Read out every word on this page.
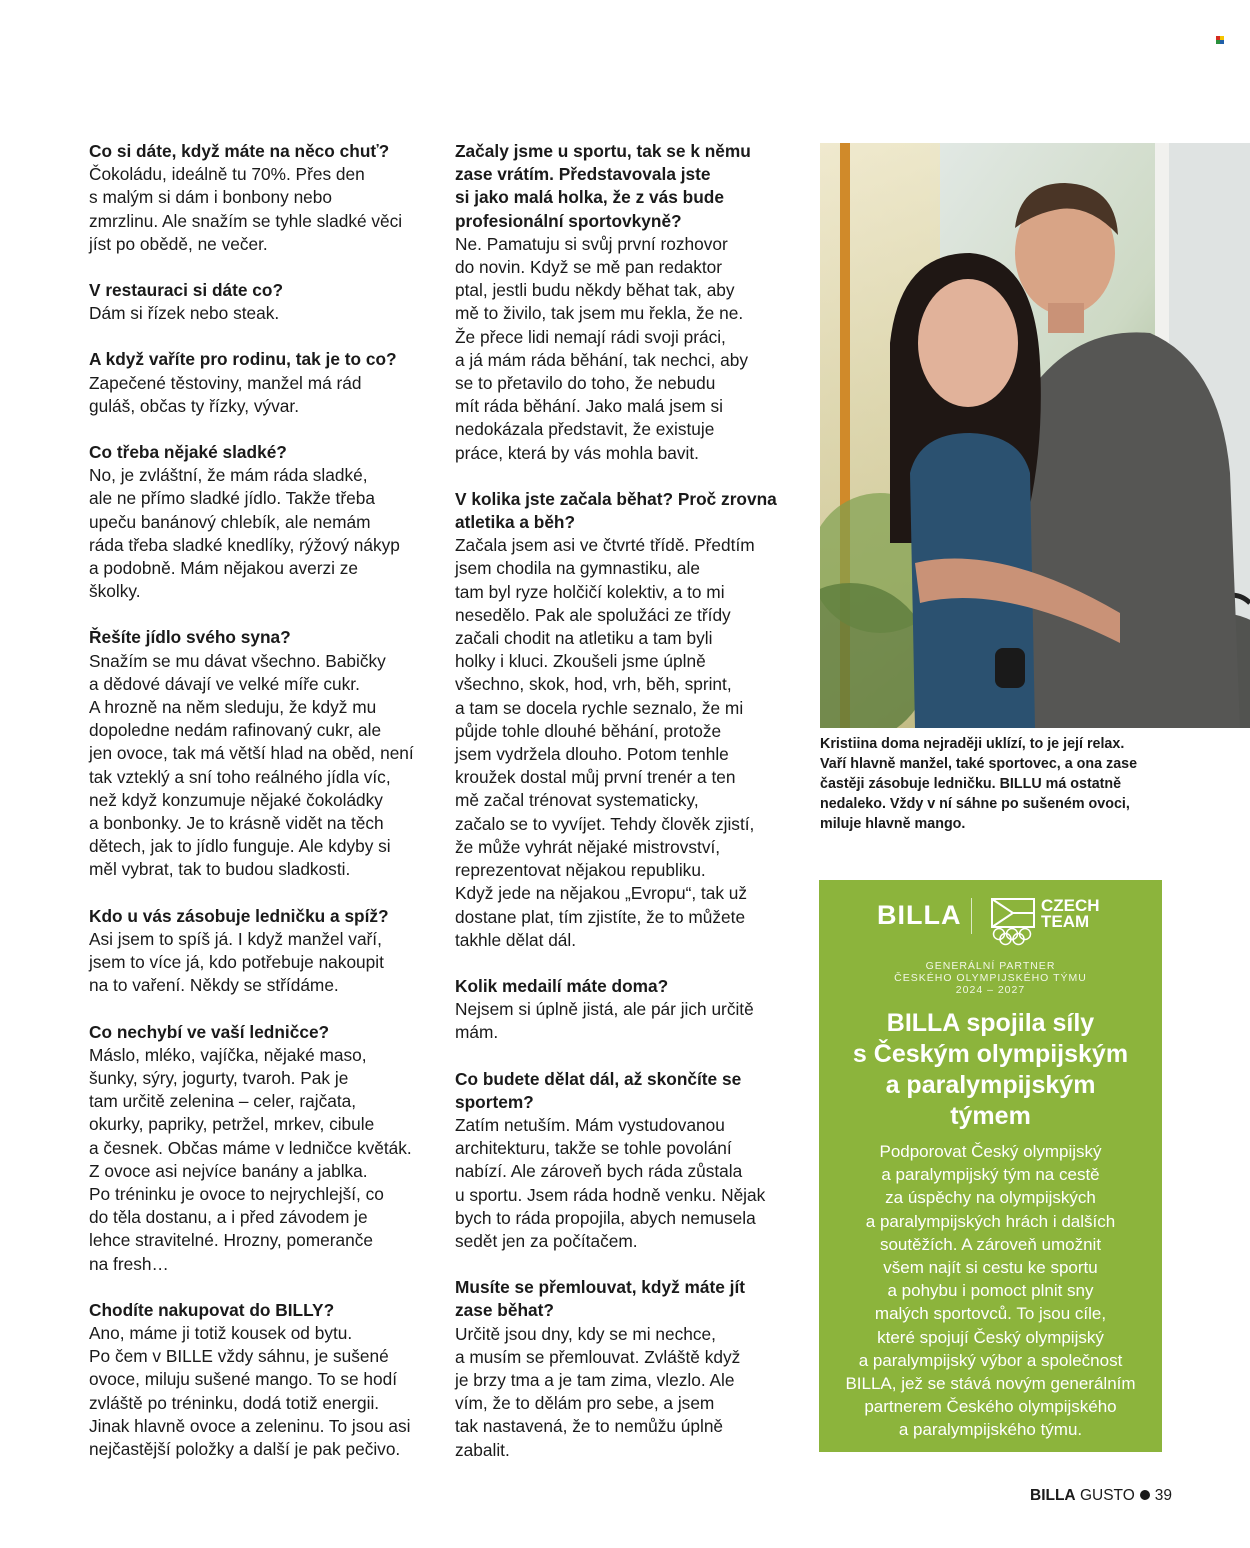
Co si dáte, když máte na něco chuť?
Čokoládu, ideálně tu 70%. Přes den
s malým si dám i bonbony nebo
zmrzlinu. Ale snažím se tyhle sladké věci
jíst po obědě, ne večer.
V restauraci si dáte co?
Dám si řízek nebo steak.
A když vaříte pro rodinu, tak je to co?
Zapečené těstoviny, manžel má rád
guláš, občas ty řízky, vývar.
Co třeba nějaké sladké?
No, je zvláštní, že mám ráda sladké,
ale ne přímo sladké jídlo. Takže třeba
upeču banánový chlebík, ale nemám
ráda třeba sladké knedlíky, rýžový nákyp
a podobně. Mám nějakou averzi ze
školky.
Řešíte jídlo svého syna?
Snažím se mu dávat všechno. Babičky
a dědové dávají ve velké míře cukr.
A hrozně na něm sleduju, že když mu
dopoledne nedám rafinovaný cukr, ale
jen ovoce, tak má větší hlad na oběd, není
tak vzteklý a sní toho reálného jídla víc,
než když konzumuje nějaké čokoládky
a bonbonky. Je to krásně vidět na těch
dětech, jak to jídlo funguje. Ale kdyby si
měl vybrat, tak to budou sladkosti.
Kdo u vás zásobuje ledničku a spíž?
Asi jsem to spíš já. I když manžel vaří,
jsem to více já, kdo potřebuje nakoupit
na to vaření. Někdy se střídáme.
Co nechybí ve vaší ledničce?
Máslo, mléko, vajíčka, nějaké maso,
šunky, sýry, jogurty, tvaroh. Pak je
tam určitě zelenina – celer, rajčata,
okurky, papriky, petržel, mrkev, cibule
a česnek. Občas máme v ledničce květák.
Z ovoce asi nejvíce banány a jablka.
Po tréninku je ovoce to nejrychlejší, co
do těla dostanu, a i před závodem je
lehce stravitelné. Hrozny, pomeranče
na fresh…
Chodíte nakupovat do BILLY?
Ano, máme ji totiž kousek od bytu.
Po čem v BILLE vždy sáhnu, je sušené
ovoce, miluju sušené mango. To se hodí
zvláště po tréninku, dodá totiž energii.
Jinak hlavně ovoce a zeleninu. To jsou asi
nejčastější položky a další je pak pečivo.
Začaly jsme u sportu, tak se k němu
zase vrátím. Představovala jste
si jako malá holka, že z vás bude
profesionální sportovkyně?
Ne. Pamatuju si svůj první rozhovor
do novin. Když se mě pan redaktor
ptal, jestli budu někdy běhat tak, aby
mě to živilo, tak jsem mu řekla, že ne.
Že přece lidi nemají rádi svoji práci,
a já mám ráda běhání, tak nechci, aby
se to přetavilo do toho, že nebudu
mít ráda běhání. Jako malá jsem si
nedokázala představit, že existuje
práce, která by vás mohla bavit.
V kolika jste začala běhat? Proč zrovna
atletika a běh?
Začala jsem asi ve čtvrté třídě. Předtím
jsem chodila na gymnastiku, ale
tam byl ryze holčičí kolektiv, a to mi
nesedělo. Pak ale spolužáci ze třídy
začali chodit na atletiku a tam byli
holky i kluci. Zkoušeli jsme úplně
všechno, skok, hod, vrh, běh, sprint,
a tam se docela rychle seznalo, že mi
půjde tohle dlouhé běhání, protože
jsem vydržela dlouho. Potom tenhle
kroužek dostal můj první trenér a ten
mě začal trénovat systematicky,
začalo se to vyvíjet. Tehdy člověk zjistí,
že může vyhrát nějaké mistrovství,
reprezentovat nějakou republiku.
Když jede na nějakou „Evropu“, tak už
dostane plat, tím zjistíte, že to můžete
takhle dělat dál.
Kolik medailí máte doma?
Nejsem si úplně jistá, ale pár jich určitě
mám.
Co budete dělat dál, až skončíte se
sportem?
Zatím netuším. Mám vystudovanou
architekturu, takže se tohle povolání
nabízí. Ale zároveň bych ráda zůstala
u sportu. Jsem ráda hodně venku. Nějak
bych to ráda propojila, abych nemusela
sedět jen za počítačem.
Musíte se přemlouvat, když máte jít
zase běhat?
Určitě jsou dny, kdy se mi nechce,
a musím se přemlouvat. Zvláště když
je brzy tma a je tam zima, vlezlo. Ale
vím, že to dělám pro sebe, a jsem
tak nastavená, že to nemůžu úplně
zabalit.
Kristiina doma nejraději uklízí, to je její relax.
Vaří hlavně manžel, také sportovec, a ona zase
častěji zásobuje ledničku. BILLU má ostatně
nedaleko. Vždy v ní sáhne po sušeném ovoci,
miluje hlavně mango.
BILLA	CZECH
TEAM
GENERÁLNÍ PARTNER
ČESKÉHO OLYMPIJSKÉHO TÝMU
2024 – 2027
BILLA spojila síly
s Českým olympijským
a paralympijským
týmem
Podporovat Český olympijský
a paralympijský tým na cestě
za úspěchy na olympijských
a paralympijských hrách i dalších
soutěžích. A zároveň umožnit
všem najít si cestu ke sportu
a pohybu i pomoct plnit sny
malých sportovců. To jsou cíle,
které spojují Český olympijský
a paralympijský výbor a společnost
BILLA, jež se stává novým generálním
partnerem Českého olympijského
a paralympijského týmu.
BILLA GUSTO 39
